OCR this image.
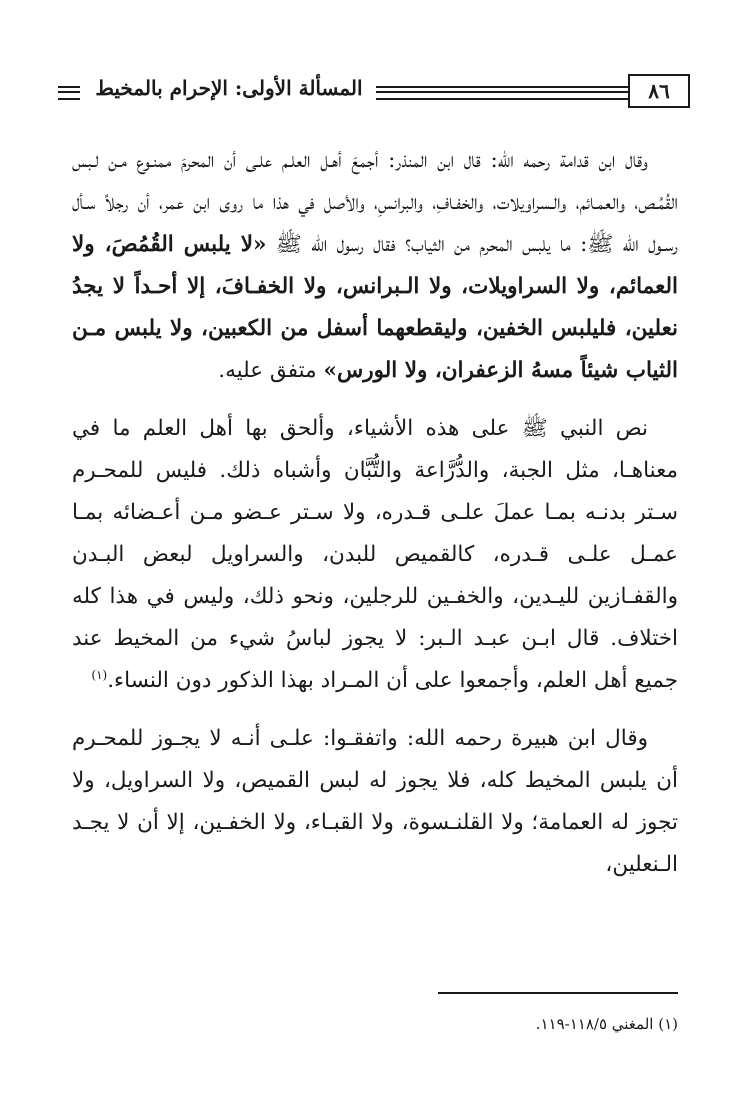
المسألة الأولى: الإحرام بالمخيط	٨٦

وقال ابن قدامة رحمه الله: قال ابن المنذر: أجمعَ أهـل العلـم علـى أن المحرمَ ممنـوع مـن لـبس القُمُـص، والعمـائم، والـسراويلات، والخفـافِ، والبرانسِ، والأصل في هذا ما روى ابن عمر، أن رجلاً سـأل رسـول الله ﷺ: ما يلبس المحرم من الثياب؟ فقال رسول الله ﷺ «لا يلبس القُمُصَ، ولا العمائم، ولا السراويلات، ولا الـبرانس، ولا الخفـافَ، إلا أحـداً لا يجدُ نعلين، فليلبس الخفين، وليقطعهما أسفل من الكعبين، ولا يلبس مـن الثياب شيئاً مسهُ الزعفران، ولا الورس» متفق عليه.

نص النبي ﷺ على هذه الأشياء، وألحق بها أهل العلم ما في معناهـا، مثل الجبة، والدُّرَّاعة والتُّبَّان وأشباه ذلك. فليس للمحـرم سـتر بدنـه بمـا عملَ علـى قـدره، ولا سـتر عـضو مـن أعـضائه بمـا عمـل علـى قـدره، كالقميص للبدن، والسراويل لبعض البـدن والقفـازين لليـدين، والخفـين للرجلين، ونحو ذلك، وليس في هذا كله اختلاف. قال ابـن عبـد الـبر: لا يجوز لباسُ شيء من المخيط عند جميع أهل العلم، وأجمعوا على أن المـراد بهذا الذكور دون النساء.$^{(١)}$

وقال ابن هبيرة رحمه الله: واتفقـوا: علـى أنـه لا يجـوز للمحـرم أن يلبس المخيط كله، فلا يجوز له لبس القميص، ولا السراويل، ولا تجوز له العمامة؛ ولا القلنـسوة، ولا القبـاء، ولا الخفـين، إلا أن لا يجـد الـنعلين،

(١) المغني ١١٨/٥-١١٩.
